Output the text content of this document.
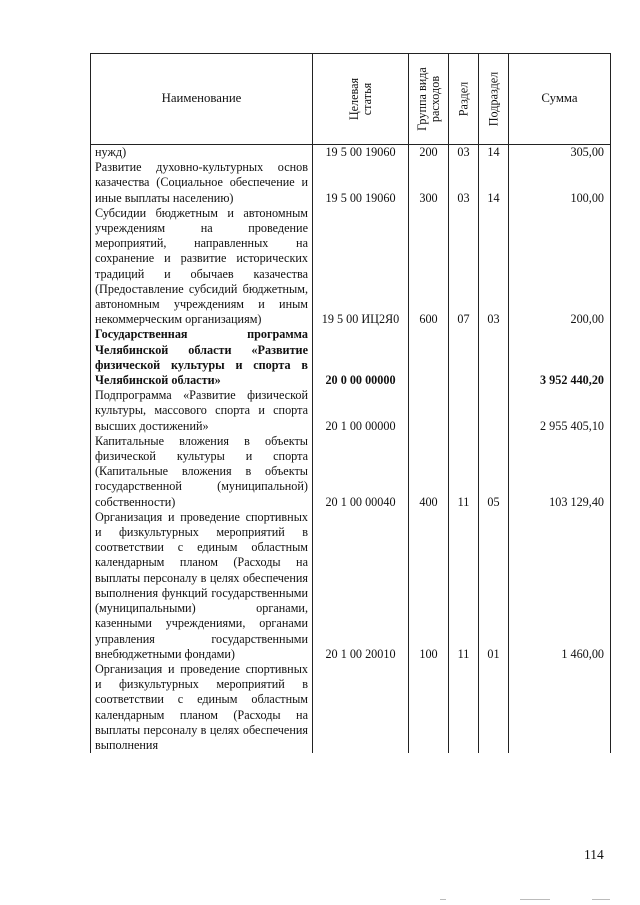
Наименование	Целевая статья	Группа вида расходов	Раздел	Подраздел	Сумма
нужд)	19 5 00 19060	200	03	14	305,00
Развитие духовно-культурных основ казачества (Социальное обеспечение и иные выплаты населению)	19 5 00 19060	300	03	14	100,00
Субсидии бюджетным и автономным учреждениям на проведение мероприятий, направленных на сохранение и развитие исторических традиций и обычаев казачества (Предоставление субсидий бюджетным, автономным учреждениям и иным некоммерческим организациям)	19 5 00 ИЦ2Я0	600	07	03	200,00
Государственная программа Челябинской области «Развитие физической культуры и спорта в Челябинской области»	20 0 00 00000				3 952 440,20
Подпрограмма «Развитие физической культуры, массового спорта и спорта высших достижений»	20 1 00 00000				2 955 405,10
Капитальные вложения в объекты физической культуры и спорта (Капитальные вложения в объекты государственной (муниципальной) собственности)	20 1 00 00040	400	11	05	103 129,40
Организация и проведение спортивных и физкультурных мероприятий в соответствии с единым областным календарным планом (Расходы на выплаты персоналу в целях обеспечения выполнения функций государственными (муниципальными) органами, казенными учреждениями, органами управления государственными внебюджетными фондами)	20 1 00 20010	100	11	01	1 460,00
Организация и проведение спортивных и физкультурных мероприятий в соответствии с единым областным календарным планом (Расходы на выплаты персоналу в целях обеспечения выполнения					
114
